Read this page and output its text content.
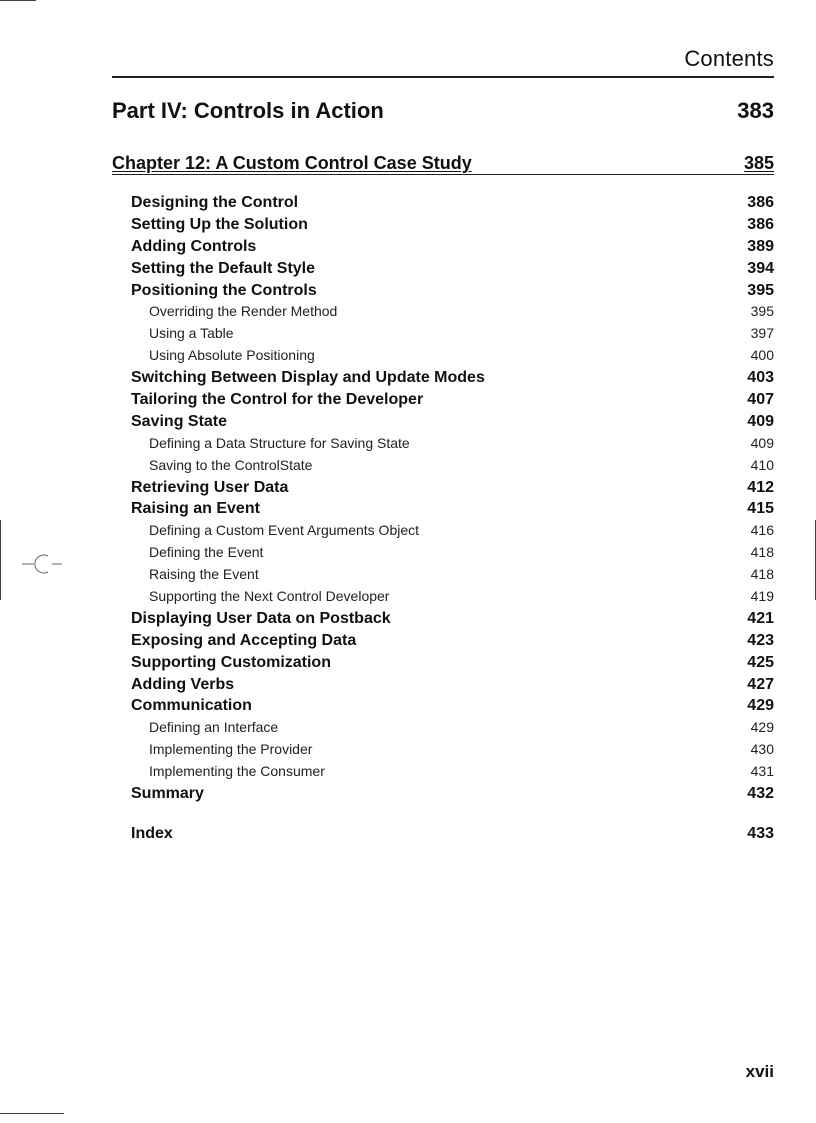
Contents
Part IV: Controls in Action	383
Chapter 12: A Custom Control Case Study	385
Designing the Control	386
Setting Up the Solution	386
Adding Controls	389
Setting the Default Style	394
Positioning the Controls	395
Overriding the Render Method	395
Using a Table	397
Using Absolute Positioning	400
Switching Between Display and Update Modes	403
Tailoring the Control for the Developer	407
Saving State	409
Defining a Data Structure for Saving State	409
Saving to the ControlState	410
Retrieving User Data	412
Raising an Event	415
Defining a Custom Event Arguments Object	416
Defining the Event	418
Raising the Event	418
Supporting the Next Control Developer	419
Displaying User Data on Postback	421
Exposing and Accepting Data	423
Supporting Customization	425
Adding Verbs	427
Communication	429
Defining an Interface	429
Implementing the Provider	430
Implementing the Consumer	431
Summary	432
Index	433
xvii
